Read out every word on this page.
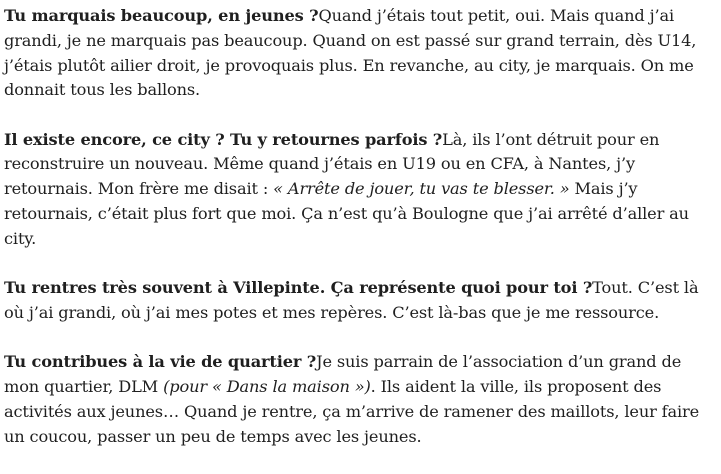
Tu marquais beaucoup, en jeunes ?Quand j’étais tout petit, oui. Mais quand j’ai grandi, je ne marquais pas beaucoup. Quand on est passé sur grand terrain, dès U14, j’étais plutôt ailier droit, je provoquais plus. En revanche, au city, je marquais. On me donnait tous les ballons.

Il existe encore, ce city ? Tu y retournes parfois ?Là, ils l’ont détruit pour en reconstruire un nouveau. Même quand j’étais en U19 ou en CFA, à Nantes, j’y retournais. Mon frère me disait : « Arrête de jouer, tu vas te blesser. » Mais j’y retournais, c’était plus fort que moi. Ça n’est qu’à Boulogne que j’ai arrêté d’aller au city.

Tu rentres très souvent à Villepinte. Ça représente quoi pour toi ?Tout. C’est là où j’ai grandi, où j’ai mes potes et mes repères. C’est là-bas que je me ressource.

Tu contribues à la vie de quartier ?Je suis parrain de l’association d’un grand de mon quartier, DLM (pour « Dans la maison »). Ils aident la ville, ils proposent des activités aux jeunes… Quand je rentre, ça m’arrive de ramener des maillots, leur faire un coucou, passer un peu de temps avec les jeunes.
